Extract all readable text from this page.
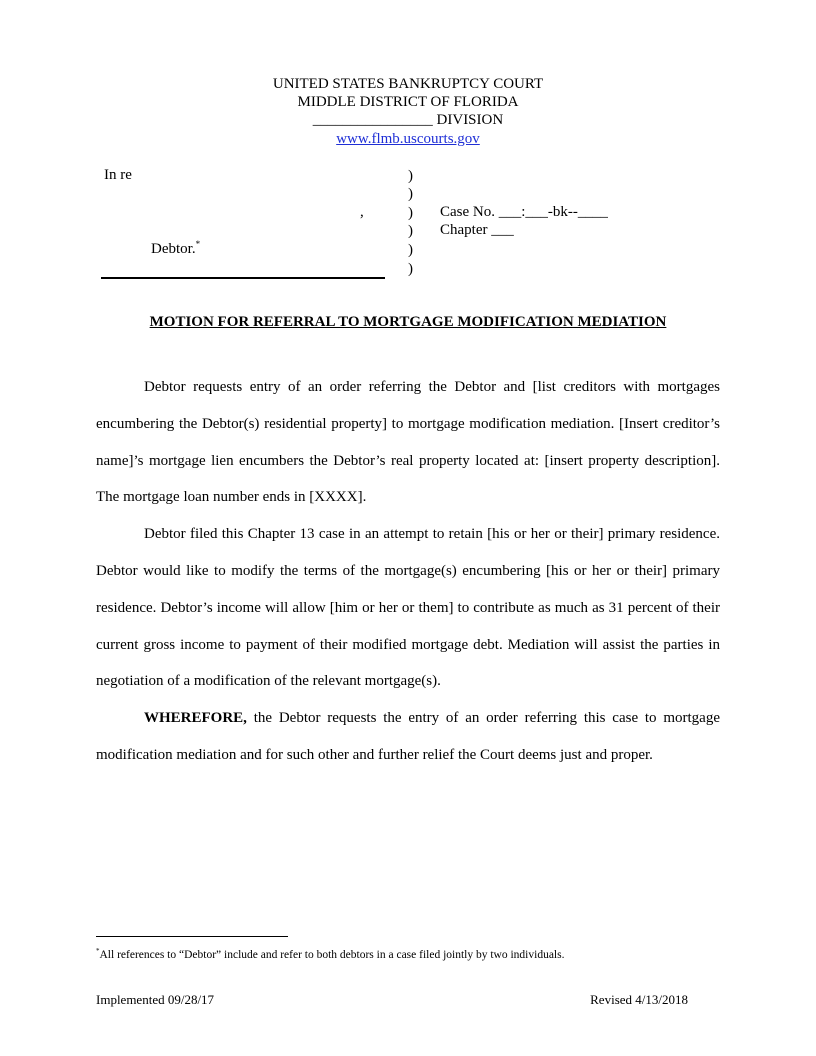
UNITED STATES BANKRUPTCY COURT
MIDDLE DISTRICT OF FLORIDA
________________ DIVISION
www.flmb.uscourts.gov
In re
,
Debtor.*
)
)
)
)
)
)
Case No. ___:___-bk--____
Chapter ___
MOTION FOR REFERRAL TO MORTGAGE MODIFICATION MEDIATION

Debtor requests entry of an order referring the Debtor and [list creditors with mortgages encumbering the Debtor(s) residential property] to mortgage modification mediation. [Insert creditor’s name]’s mortgage lien encumbers the Debtor’s real property located at: [insert property description]. The mortgage loan number ends in [XXXX].

Debtor filed this Chapter 13 case in an attempt to retain [his or her or their] primary residence. Debtor would like to modify the terms of the mortgage(s) encumbering [his or her or their] primary residence. Debtor’s income will allow [him or her or them] to contribute as much as 31 percent of their current gross income to payment of their modified mortgage debt. Mediation will assist the parties in negotiation of a modification of the relevant mortgage(s).

WHEREFORE, the Debtor requests the entry of an order referring this case to mortgage modification mediation and for such other and further relief the Court deems just and proper.

*All references to “Debtor” include and refer to both debtors in a case filed jointly by two individuals.
Implemented 09/28/17	Revised 4/13/2018
